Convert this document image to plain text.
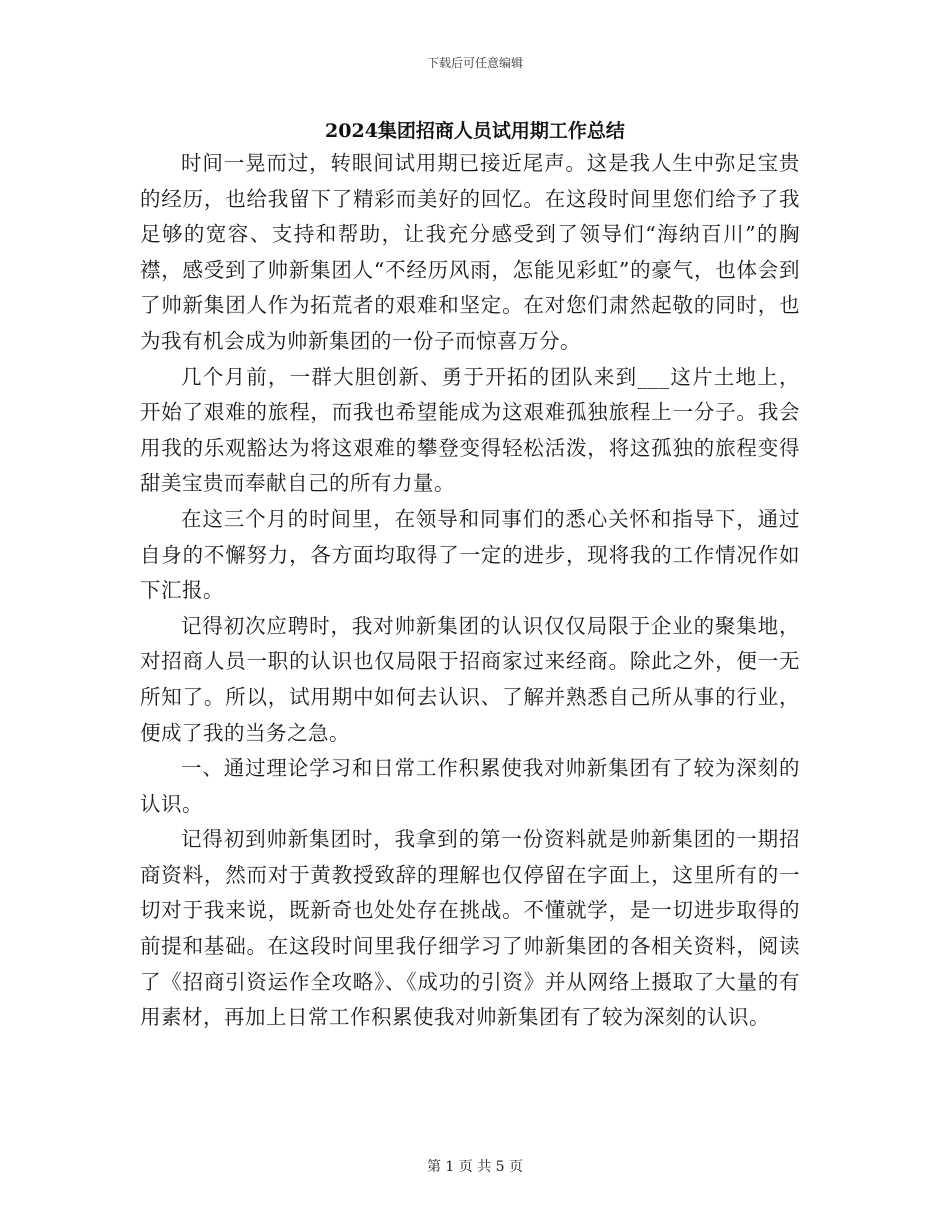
下载后可任意编辑
2024集团招商人员试用期工作总结

时间一晃而过，转眼间试用期已接近尾声。这是我人生中弥足宝贵的经历，也给我留下了精彩而美好的回忆。在这段时间里您们给予了我足够的宽容、支持和帮助，让我充分感受到了领导们“海纳百川”的胸襟，感受到了帅新集团人“不经历风雨，怎能见彩虹”的豪气，也体会到了帅新集团人作为拓荒者的艰难和坚定。在对您们肃然起敬的同时，也为我有机会成为帅新集团的一份子而惊喜万分。

几个月前，一群大胆创新、勇于开拓的团队来到___这片土地上，开始了艰难的旅程，而我也希望能成为这艰难孤独旅程上一分子。我会用我的乐观豁达为将这艰难的攀登变得轻松活泼，将这孤独的旅程变得甜美宝贵而奉献自己的所有力量。

在这三个月的时间里，在领导和同事们的悉心关怀和指导下，通过自身的不懈努力，各方面均取得了一定的进步，现将我的工作情况作如下汇报。

记得初次应聘时，我对帅新集团的认识仅仅局限于企业的聚集地，对招商人员一职的认识也仅局限于招商家过来经商。除此之外，便一无所知了。所以，试用期中如何去认识、了解并熟悉自己所从事的行业，便成了我的当务之急。

一、通过理论学习和日常工作积累使我对帅新集团有了较为深刻的认识。

记得初到帅新集团时，我拿到的第一份资料就是帅新集团的一期招商资料，然而对于黄教授致辞的理解也仅停留在字面上，这里所有的一切对于我来说，既新奇也处处存在挑战。不懂就学，是一切进步取得的前提和基础。在这段时间里我仔细学习了帅新集团的各相关资料，阅读了《招商引资运作全攻略》、《成功的引资》并从网络上摄取了大量的有用素材，再加上日常工作积累使我对帅新集团有了较为深刻的认识。

第 1 页 共 5 页
